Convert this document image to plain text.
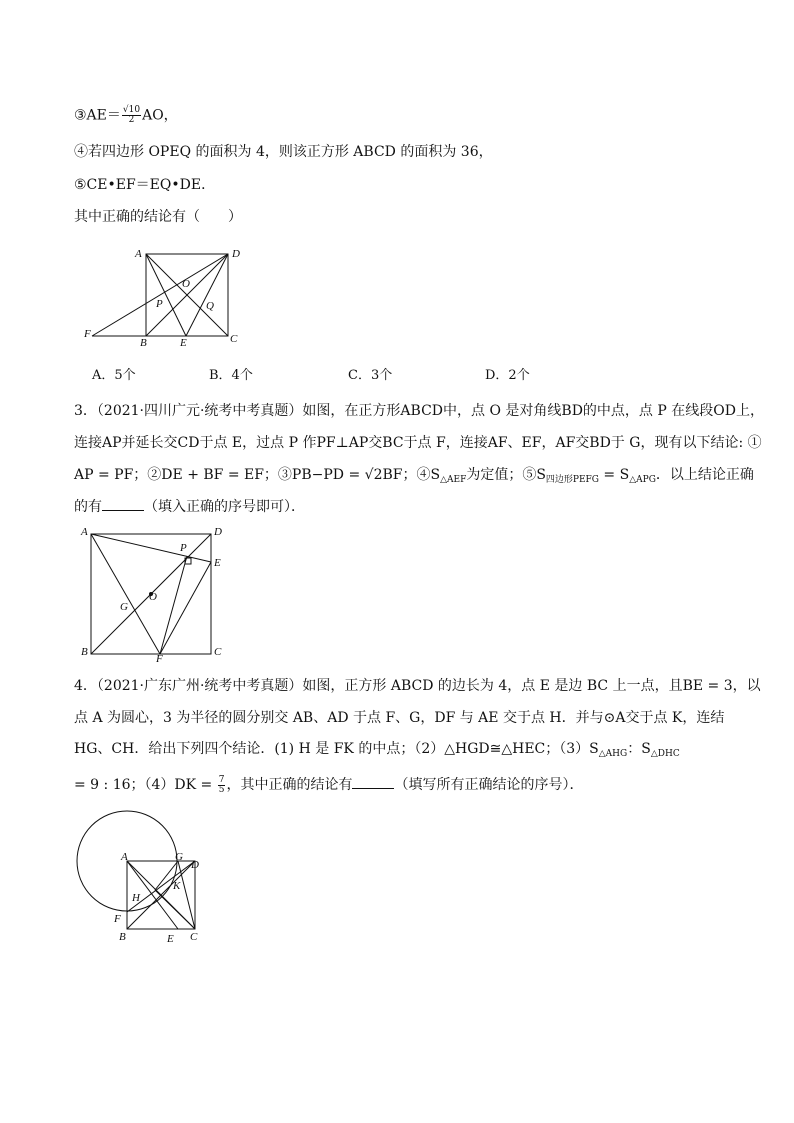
③AE＝ $\frac{√10}{2}$ AO，
④若四边形 OPEQ 的面积为 4，则该正方形 ABCD 的面积为 36，
⑤CE•EF＝EQ•DE．
其中正确的结论有（　　）
A	D
O
P	Q
F
B	E	C
A．5个	B．4个	C．3个	D．2个
3．（2021·四川广元·统考中考真题）如图，在正方形ABCD中，点 O 是对角线BD的中点，点 P 在线段OD上，
连接AP并延长交CD于点 E，过点 P 作PF⊥AP交BC于点 F，连接AF、EF，AF交BD于 G，现有以下结论: ①
AP = PF；②DE + BF = EF；③PB−PD = √2BF；$④S_{\triangle AEF}$为定值；$⑤S_{四边形PEFG} = S_{\triangle APG}$．以上结论正确
的有	（填入正确的序号即可）．
A	D
P
E
O
G
B
F
C
4．（2021·广东广州·统考中考真题）如图，正方形 ABCD 的边长为 4，点 E 是边 BC 上一点，且BE = 3，以
点 A 为圆心，3 为半径的圆分别交 AB、AD 于点 F、G，DF 与 AE 交于点 H．并与⊙A交于点 K，连结
HG、CH．给出下列四个结论．(1) H 是 FK 的中点；（2）△HGD≅△HEC；$(3)S_{\triangle AHG}$：$S_{\triangle DHC}$
= 9 : 16；$(4)DK = \frac{7}{5}$ ，其中正确的结论有	（填写所有正确结论的序号）．
A	G
D
H
K
F
B	E C
